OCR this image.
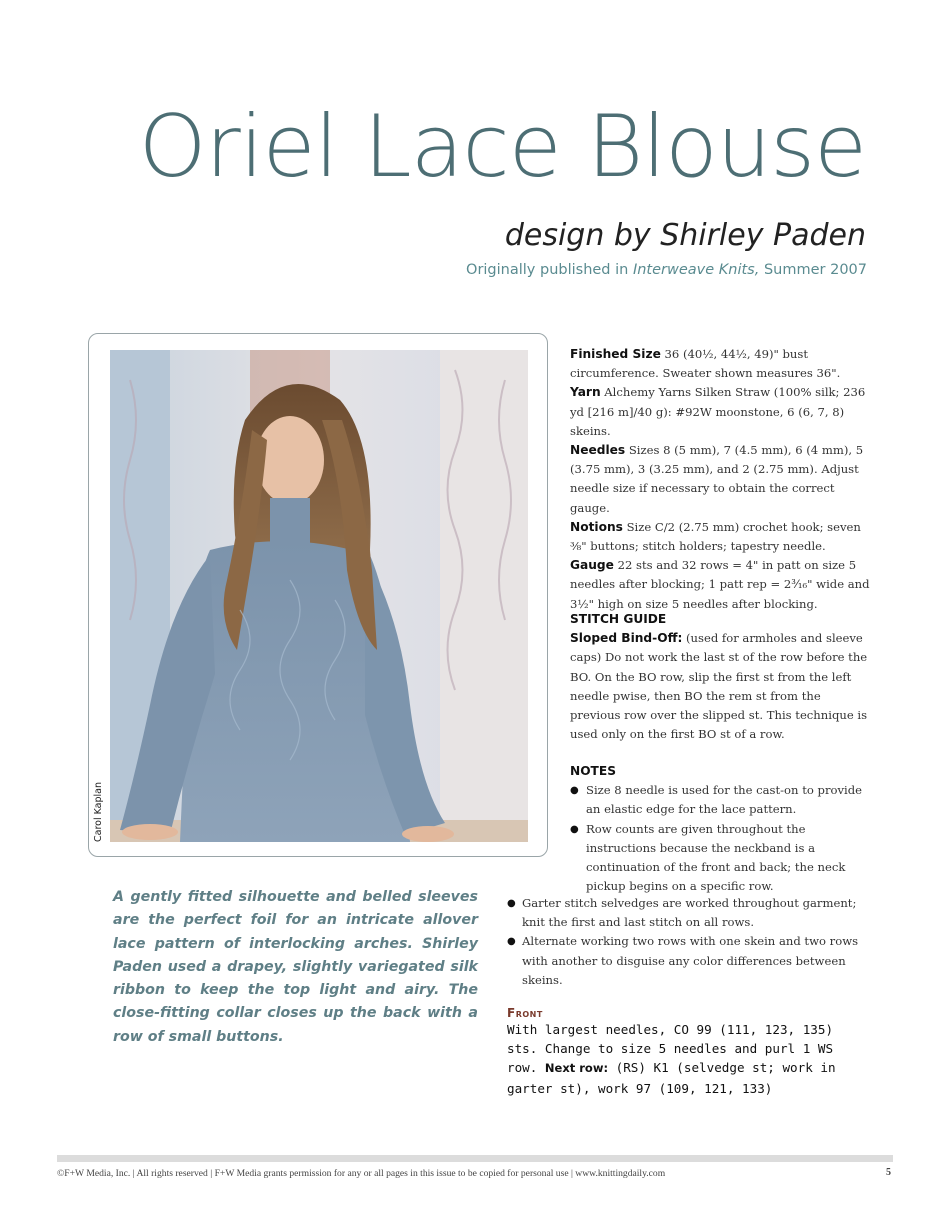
Oriel Lace Blouse
design by Shirley Paden
Originally published in Interweave Knits, Summer 2007
Carol Kaplan

A gently fitted silhouette and belled sleeves are the perfect foil for an intricate allover lace pattern of interlocking arches. Shirley Paden used a drapey, slightly variegated silk ribbon to keep the top light and airy. The close-fitting collar closes up the back with a row of small buttons.

Finished Size 36 (40½, 44½, 49)" bust circumference. Sweater shown measures 36".

Yarn Alchemy Yarns Silken Straw (100% silk; 236 yd [216 m]/40 g): #92W moonstone, 6 (6, 7, 8) skeins.

Needles Sizes 8 (5 mm), 7 (4.5 mm), 6 (4 mm), 5 (3.75 mm), 3 (3.25 mm), and 2 (2.75 mm). Adjust needle size if necessary to obtain the correct gauge.

Notions Size C/2 (2.75 mm) crochet hook; seven ⅜" buttons; stitch holders; tapestry needle.

Gauge 22 sts and 32 rows = 4" in patt on size 5 needles after blocking; 1 patt rep = 2³⁄₁₆" wide and 3½" high on size 5 needles after blocking.

STITCH GUIDE

Sloped Bind-Off: (used for armholes and sleeve caps) Do not work the last st of the row before the BO. On the BO row, slip the first st from the left needle pwise, then BO the rem st from the previous row over the slipped st. This technique is used only on the first BO st of a row.

NOTES

● Size 8 needle is used for the cast-on to provide an elastic edge for the lace pattern.
● Row counts are given throughout the instructions because the neckband is a continuation of the front and back; the neck pickup begins on a specific row.
● Garter stitch selvedges are worked throughout garment; knit the first and last stitch on all rows.
● Alternate working two rows with one skein and two rows with another to disguise any color differences between skeins.

Front

With largest needles, CO 99 (111, 123, 135) sts. Change to size 5 needles and purl 1 WS row. Next row: (RS) K1 (selvedge st; work in garter st), work 97 (109, 121, 133)

©F+W Media, Inc. | All rights reserved | F+W Media grants permission for any or all pages in this issue to be copied for personal use | www.knittingdaily.com	5
